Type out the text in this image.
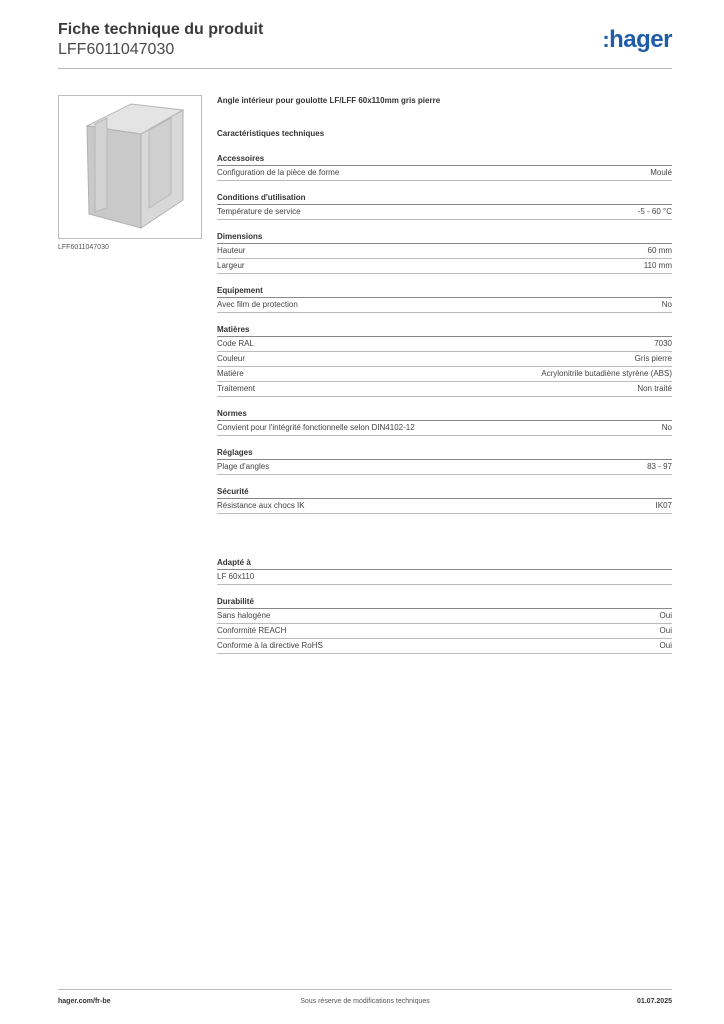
Fiche technique du produit
LFF6011047030	:hager
LFF6011047030
Angle intérieur pour goulotte LF/LFF 60x110mm gris pierre
Caractéristiques techniques
Accessoires
Configuration de la pièce de forme	Moulé
Conditions d'utilisation
Température de service	-5 - 60 °C
Dimensions
Hauteur	60 mm
Largeur	110 mm
Equipement
Avec film de protection	No
Matières
Code RAL	7030
Couleur	Gris pierre
Matière	Acrylonitrile butadiène styrène (ABS)
Traitement	Non traité
Normes
Convient pour l'intégrité fonctionnelle selon DIN4102-12	No
Réglages
Plage d'angles	83 - 97
Sécurité
Résistance aux chocs IK	IK07
Adapté à
LF 60x110
Durabilité
Sans halogène	Oui
Conformité REACH	Oui
Conforme à la directive RoHS	Oui
hager.com/fr-be	Sous réserve de modifications techniques	01.07.2025
